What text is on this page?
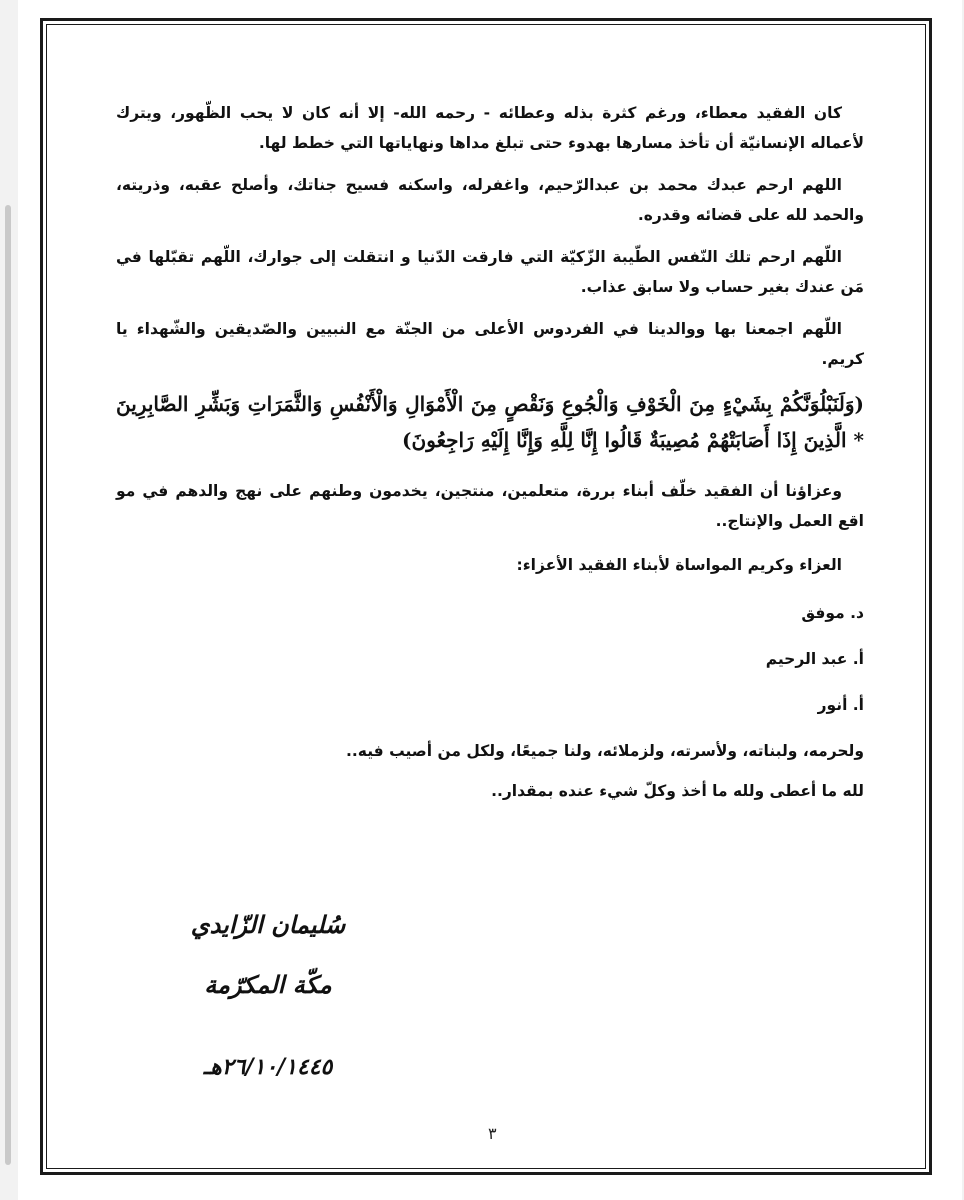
كان الفقيد معطاء، ورغم كثرة بذله وعطائه - رحمه الله- إلا أنه كان لا يحب الظّهور، ويترك لأعماله الإنسانيّة أن تأخذ مسارها بهدوء حتى تبلغ مداها ونهاياتها التي خطط لها.

اللهم ارحم عبدك محمد بن عبدالرّحيم، واغفرله، واسكنه فسيح جناتك، وأصلح عقبه، وذريته، والحمد لله على قضائه وقدره.

اللّهم ارحم تلك النّفس الطّيبة الزّكيّة التي فارقت الدّنيا و انتقلت إلى جوارك، اللّهم تقبّلها في مَن عندك بغير حساب ولا سابق عذاب.

اللّهم اجمعنا بها ووالدينا في الفردوس الأعلى من الجنّة مع النبيين والصّديقين والشّهداء يا كريم.

(وَلَنَبْلُوَنَّكُمْ بِشَيْءٍ مِنَ الْخَوْفِ وَالْجُوعِ وَنَقْصٍ مِنَ الْأَمْوَالِ وَالْأَنْفُسِ وَالثَّمَرَاتِ وَبَشِّرِ الصَّابِرِينَ * الَّذِينَ إِذَا أَصَابَتْهُمْ مُصِيبَةٌ قَالُوا إِنَّا لِلَّهِ وَإِنَّا إِلَيْهِ رَاجِعُونَ)

وعزاؤنا أن الفقيد خلّف أبناء بررة، متعلمين، منتجين، يخدمون وطنهم على نهج والدهم في مو اقع العمل والإنتاج..

العزاء وكريم المواساة لأبناء الفقيد الأعزاء:

د. موفق
أ. عبد الرحيم
أ. أنور

ولحرمه، ولبناته، ولأسرته، ولزملائه، ولنا جميعًا، ولكل من أصيب فيه..

لله ما أعطى ولله ما أخذ وكلّ شيء عنده بمقدار..

سُليمان الزّايدي
مكّة المكرّمة
٢٦/١٠/١٤٤٥هـ
٣
